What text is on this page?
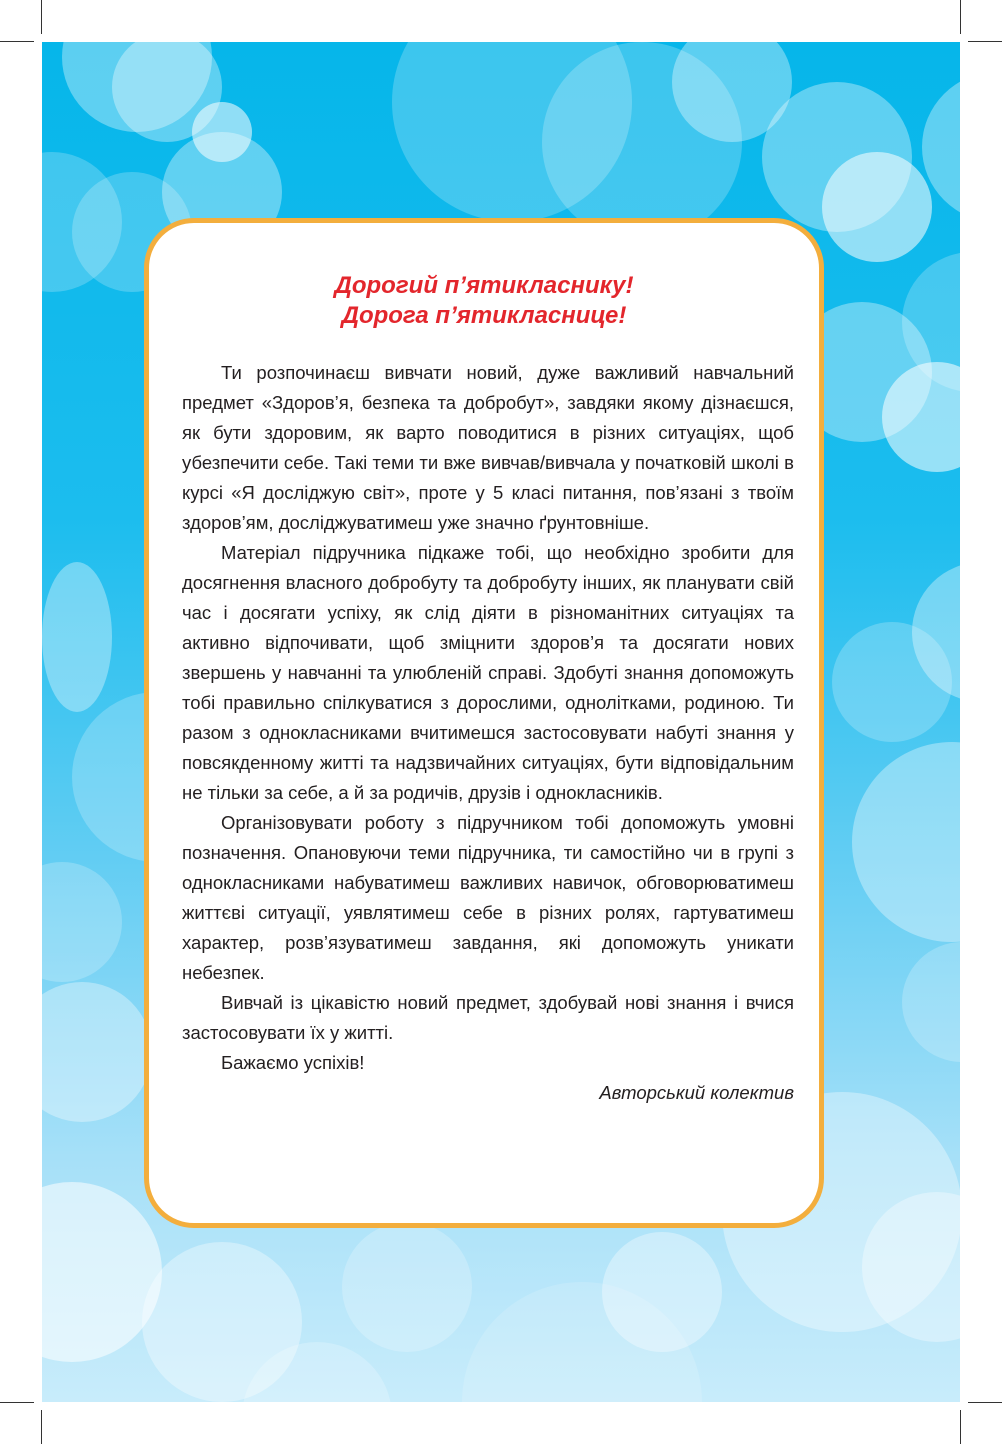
Дорогий п’ятикласнику!
Дорога п’ятикласнице!

Ти розпочинаєш вивчати новий, дуже важливий навчальний предмет «Здоров’я, безпека та добробут», завдяки якому дізнаєшся, як бути здоровим, як варто поводитися в різних ситуаціях, щоб убезпечити себе. Такі теми ти вже вивчав/вивчала у початковій школі в курсі «Я досліджую світ», проте у 5 класі питання, пов’язані з твоїм здоров’ям, досліджуватимеш уже значно ґрунтовніше.

Матеріал підручника підкаже тобі, що необхідно зробити для досягнення власного добробуту та добробуту інших, як планувати свій час і досягати успіху, як слід діяти в різноманітних ситуаціях та активно відпочивати, щоб зміцнити здоров’я та досягати нових звершень у навчанні та улюбленій справі. Здобуті знання допоможуть тобі правильно спілкуватися з дорослими, однолітками, родиною. Ти разом з однокласниками вчитимешся застосовувати набуті знання у повсякденному житті та надзвичайних ситуаціях, бути відповідальним не тільки за себе, а й за родичів, друзів і однокласників.

Організовувати роботу з підручником тобі допоможуть умовні позначення. Опановуючи теми підручника, ти самостійно чи в групі з однокласниками набуватимеш важливих навичок, обговорюватимеш життєві ситуації, уявлятимеш себе в різних ролях, гартуватимеш характер, розв’язуватимеш завдання, які допоможуть уникати небезпек.

Вивчай із цікавістю новий предмет, здобувай нові знання і вчися застосовувати їх у житті.

Бажаємо успіхів!

Авторський колектив
